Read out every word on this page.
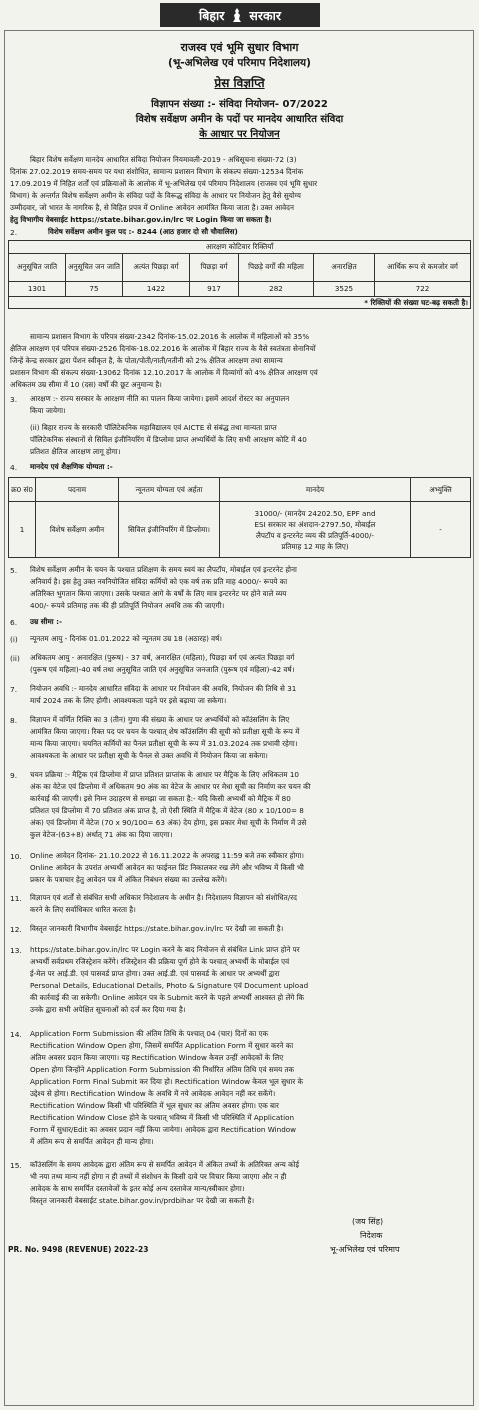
बिहार सरकार
राजस्व एवं भूमि सुधार विभाग
(भू-अभिलेख एवं परिमाप निदेशालय)
प्रेस विज्ञप्ति
विज्ञापन संख्या :- संविदा नियोजन- 07/2022
विशेष सर्वेक्षण अमीन के पदों पर मानदेय आधारित संविदा
के आधार पर नियोजन

बिहार विशेष सर्वेक्षण मानदेय आधारित संविदा नियोजन नियमावली-2019 - अधिसूचना संख्या-72 (3)

दिनांक 27.02.2019 समय-समय पर यथा संशोधित, सामान्य प्रशासन विभाग के संकल्प संख्या-12534 दिनांक

17.09.2019 में निहित शर्तों एवं प्रक्रियाओं के आलोक में भू-अभिलेख एवं परिमाप निदेशालय (राजस्व एवं भूमि सुधार

विभाग) के अन्तर्गत विशेष सर्वेक्षण अमीन के संविदा पदों के विरूद्ध संविदा के आधार पर नियोजन हेतु वैसे सुयोग्य

उम्मीदवार, जो भारत के नागरिक है, से विहित प्रपत्र में Online आवेदन आमंत्रित किया जाता है। उक्त आवेदन

हेतु विभागीय वेबसाईट https://state.bihar.gov.in/lrc पर Login किया जा सकता है।

2.	विशेष सर्वेक्षण अमीन कुल पद :- 8244 (आठ हजार दो सौ चौवालिस)

आरक्षण कोटिवार रिक्तियाँ						
अनुसूचित जाति	अनुसूचित जन जाति	अत्यंत पिछड़ा वर्ग	पिछड़ा वर्ग	पिछड़े वर्गों की महिला	अनारक्षित	आर्थिक रूप से कमजोर वर्ग
1301	75	1422	917	282	3525	722
* रिक्तियों की संख्या घट-बढ़ सकती है।						

सामान्य प्रशासन विभाग के परिपत्र संख्या-2342 दिनांक-15.02.2016 के आलोक में महिलाओं को 35%

क्षैतिज आरक्षण एवं परिपत्र संख्या-2526 दिनांक-18.02.2016 के आलोक में बिहार राज्य के वैसे स्वतंत्रता सेनानियों

जिन्हें केन्द्र सरकार द्वारा पेंशन स्वीकृत है, के पोता/पोती/नाती/नतीनी को 2% क्षैतिज आरक्षण तथा सामान्य

प्रशासन विभाग की संकल्प संख्या-13062 दिनांक 12.10.2017 के आलोक में दिव्यांगों को 4% क्षैतिज आरक्षण एवं

अधिकतम उम्र सीमा में 10 (दस) वर्षों की छूट अनुमान्य है।

3. आरक्षण :- राज्य सरकार के आरक्षण नीति का पालन किया जायेगा। इसमें आदर्श रोस्टर का अनुपालन

किया जायेगा।

(ii) बिहार राज्य के सरकारी पॉलिटेकनिक महाविद्यालय एवं AICTE से संबंद्ध तथा मान्यता प्राप्त

पॉलिटेकनिक संस्थानों से सिविल इंजीनियरिंग में डिप्लोमा प्राप्त अभ्यर्थियों के लिए सभी आरक्षण कोटि में 40

प्रतिशत क्षैतिज आरक्षण लागू होगा।

4. मानदेय एवं शैक्षणिक योग्यता :-

क्र0 सं0	पदनाम	न्यूनतम योग्यता एवं अर्हता	मानदेय	अभ्युक्ति
1	विशेष सर्वेक्षण अमीन	सिविल इंजीनियरिंग में डिप्लोमा।	31000/- (मानदेय 24202.50, EPF and
ESI सरकार का अंशदान-2797.50, मोबाईल
लैपटॉप व इन्टरनेट व्यय की प्रतिपूर्ति-4000/-
प्रतिमाह 12 माह के लिए)	-
5. विशेष सर्वेक्षण अमीन के चयन के पश्चात प्रशिक्षण के समय स्वयं का लैपटॉप, मोबाईल एवं इन्टरनेट होना

अनिवार्य है। इस हेतु उक्त नवनियोजित संविदा कर्मियों को एक वर्ष तक प्रति माह 4000/- रूपये का

अतिरिक्त भुगतान किया जाएगा। उसके पश्चात आगे के वर्षों के लिए मात्र इन्टरनेट पर होने वाले व्यय

400/- रूपये प्रतिमाह तक की ही प्रतिपूर्ति नियोजन अवधि तक की जाएगी।

6. उम्र सीमा :-

(i) न्यूनतम आयु - दिनांक 01.01.2022 को न्यूनतम उम्र 18 (अठारह) वर्ष।

(ii) अधिकतम आयु - अनारक्षित (पुरूष) - 37 वर्ष, अनारक्षित (महिला), पिछड़ा वर्ग एवं अत्यंत पिछड़ा वर्ग

(पुरूष एवं महिला)-40 वर्ष तथा अनुसूचित जाति एवं अनुसूचित जनजाति (पुरूष एवं महिला)-42 वर्ष।

7. नियोजन अवधि :- मानदेय आधारित संविदा के आधार पर नियोजन की अवधि, नियोजन की तिथि से 31

मार्च 2024 तक के लिए होगी। आवश्यकता पड़ने पर इसे बढ़ाया जा सकेगा।

8. विज्ञापन में वर्णित रिक्ति का 3 (तीन) गुणा की संख्या के आधार पर अभ्यर्थियों को कॉउंसलिंग के लिए

आमंत्रित किया जाएगा। रिक्त पद पर चयन के पश्चात् शेष कॉउंसलिंग की सूची को प्रतीक्षा सूची के रूप में

मान्य किया जाएगा। चयनित कर्मियों का पैनल प्रतीक्षा सूची के रूप में 31.03.2024 तक प्रभावी रहेगा।

आवश्यकता के आधार पर प्रतीक्षा सूची के पैनल से उक्त अवधि में नियोजन किया जा सकेगा।

9. चयन प्रक्रिया :- मैट्रिक एवं डिप्लोमा में प्राप्त प्रतिशत प्राप्तांक के आधार पर मैट्रिक के लिए अधिकतम 10

अंक का वेटेज एवं डिप्लोमा में अधिकतम 90 अंक का वेटेज के आधार पर मेधा सूची का निर्माण कर चयन की

कार्रवाई की जाएगी। इसे निम्न उदाहरण से समझा जा सकता है:- यदि किसी अभ्यर्थी को मैट्रिक में 80

प्रतिशत एवं डिप्लोमा में 70 प्रतिशत अंक प्राप्त है, तो ऐसी स्थिति में मैट्रिक में वेटेज (80 x 10/100= 8

अंक) एवं डिप्लोमा में वेटेज (70 x 90/100= 63 अंक) देय होगा, इस प्रकार मेधा सूची के निर्माण में उसे

कुल वेटेज-(63+8) अर्थात् 71 अंक का दिया जाएगा।

10. Online आवेदन दिनांक- 21.10.2022 से 16.11.2022 के अपराह्न 11:59 बजे तक स्वीकार होगा।

Online आवेदन के उपरांत अभ्यर्थी आवेदन का फाईनल प्रिंट निकालकर रख लेंगे और भविष्य में किसी भी

प्रकार के पत्राचार हेतु आवेदन पत्र में अंकित निबंधन संख्या का उल्लेख करेंगे।

11. विज्ञापन एवं शर्तों से संबंधित सभी अधिकार निदेशालय के अधीन है। निदेशालय विज्ञापन को संशोधित/रद

करने के लिए सर्वाधिकार धारित करता है।

12. विस्तृत जानकारी विभागीय वेबसाईट https://state.bihar.gov.in/lrc पर देखी जा सकती है।

13. https://state.bihar.gov.in/lrc पर Login करने के बाद नियोजन से संबंधित Link प्राप्त होने पर

अभ्यर्थी सर्वप्रथम रजिस्ट्रेशन करेंगे। रजिस्ट्रेशन की प्रक्रिया पूर्ण होने के पश्चात् अभ्यर्थी के मोबाईल एवं

ई-मेल पर आई.डी. एवं पासवर्ड प्राप्त होगा। उक्त आई.डी. एवं पासवर्ड के आधार पर अभ्यर्थी द्वारा

Personal Details, Educational Details, Photo & Signature एवं Document upload

की कार्रवाई की जा सकेगी। Online आवेदन पत्र के Submit करने के पहले अभ्यर्थी आश्वस्त हो लेंगे कि

उनके द्वारा सभी अपेक्षित सूचनाओं को दर्ज कर दिया गया है।

14. Application Form Submission की अंतिम तिथि के पश्चात् 04 (चार) दिनों का एक

Rectification Window Open होगा, जिसमें समर्पित Application Form में सुधार करने का

अंतिम अवसर प्रदान किया जाएगा। यह Rectification Window केवल उन्हीं आवेदकों के लिए

Open होगा जिन्होंने Application Form Submission की निर्धारित अंतिम तिथि एवं समय तक

Application Form Final Submit कर दिया हो। Rectification Window केवल भूल सुधार के

उद्देश्य से होगा। Rectification Window के अवधि में नये आवेदक आवेदन नहीं कर सकेंगे।

Rectification Window किसी भी परिस्थिति में भूल सुधार का अंतिम अवसर होगा। एक बार

Rectification Window Close होने के पश्चात् भविष्य में किसी भी परिस्थिति में Application

Form में सुधार/Edit का अवसर प्रदान नहीं किया जायेगा। आवेदक द्वारा Rectification Window

में अंतिम रूप से समर्पित आवेदन ही मान्य होगा।

15. कॉउंसलिंग के समय आवेदक द्वारा अंतिम रूप से समर्पित आवेदन में अंकित तथ्यों के अतिरिक्त अन्य कोई

भी नया तथ्य मान्य नहीं होगा न ही तथ्यों में संशोधन के किसी दावे पर विचार किया जाएगा और न ही

आवेदक के साथ समर्पित दस्तावेजों के इतर कोई अन्य दस्तावेज मान्य/स्वीकार होगा।

विस्तृत जानकारी वेबसाईट state.bihar.gov.in/prdbihar पर देखी जा सकती है।

(जय सिंह)

निदेशक

भू-अभिलेख एवं परिमाप

PR. No. 9498 (REVENUE) 2022-23
